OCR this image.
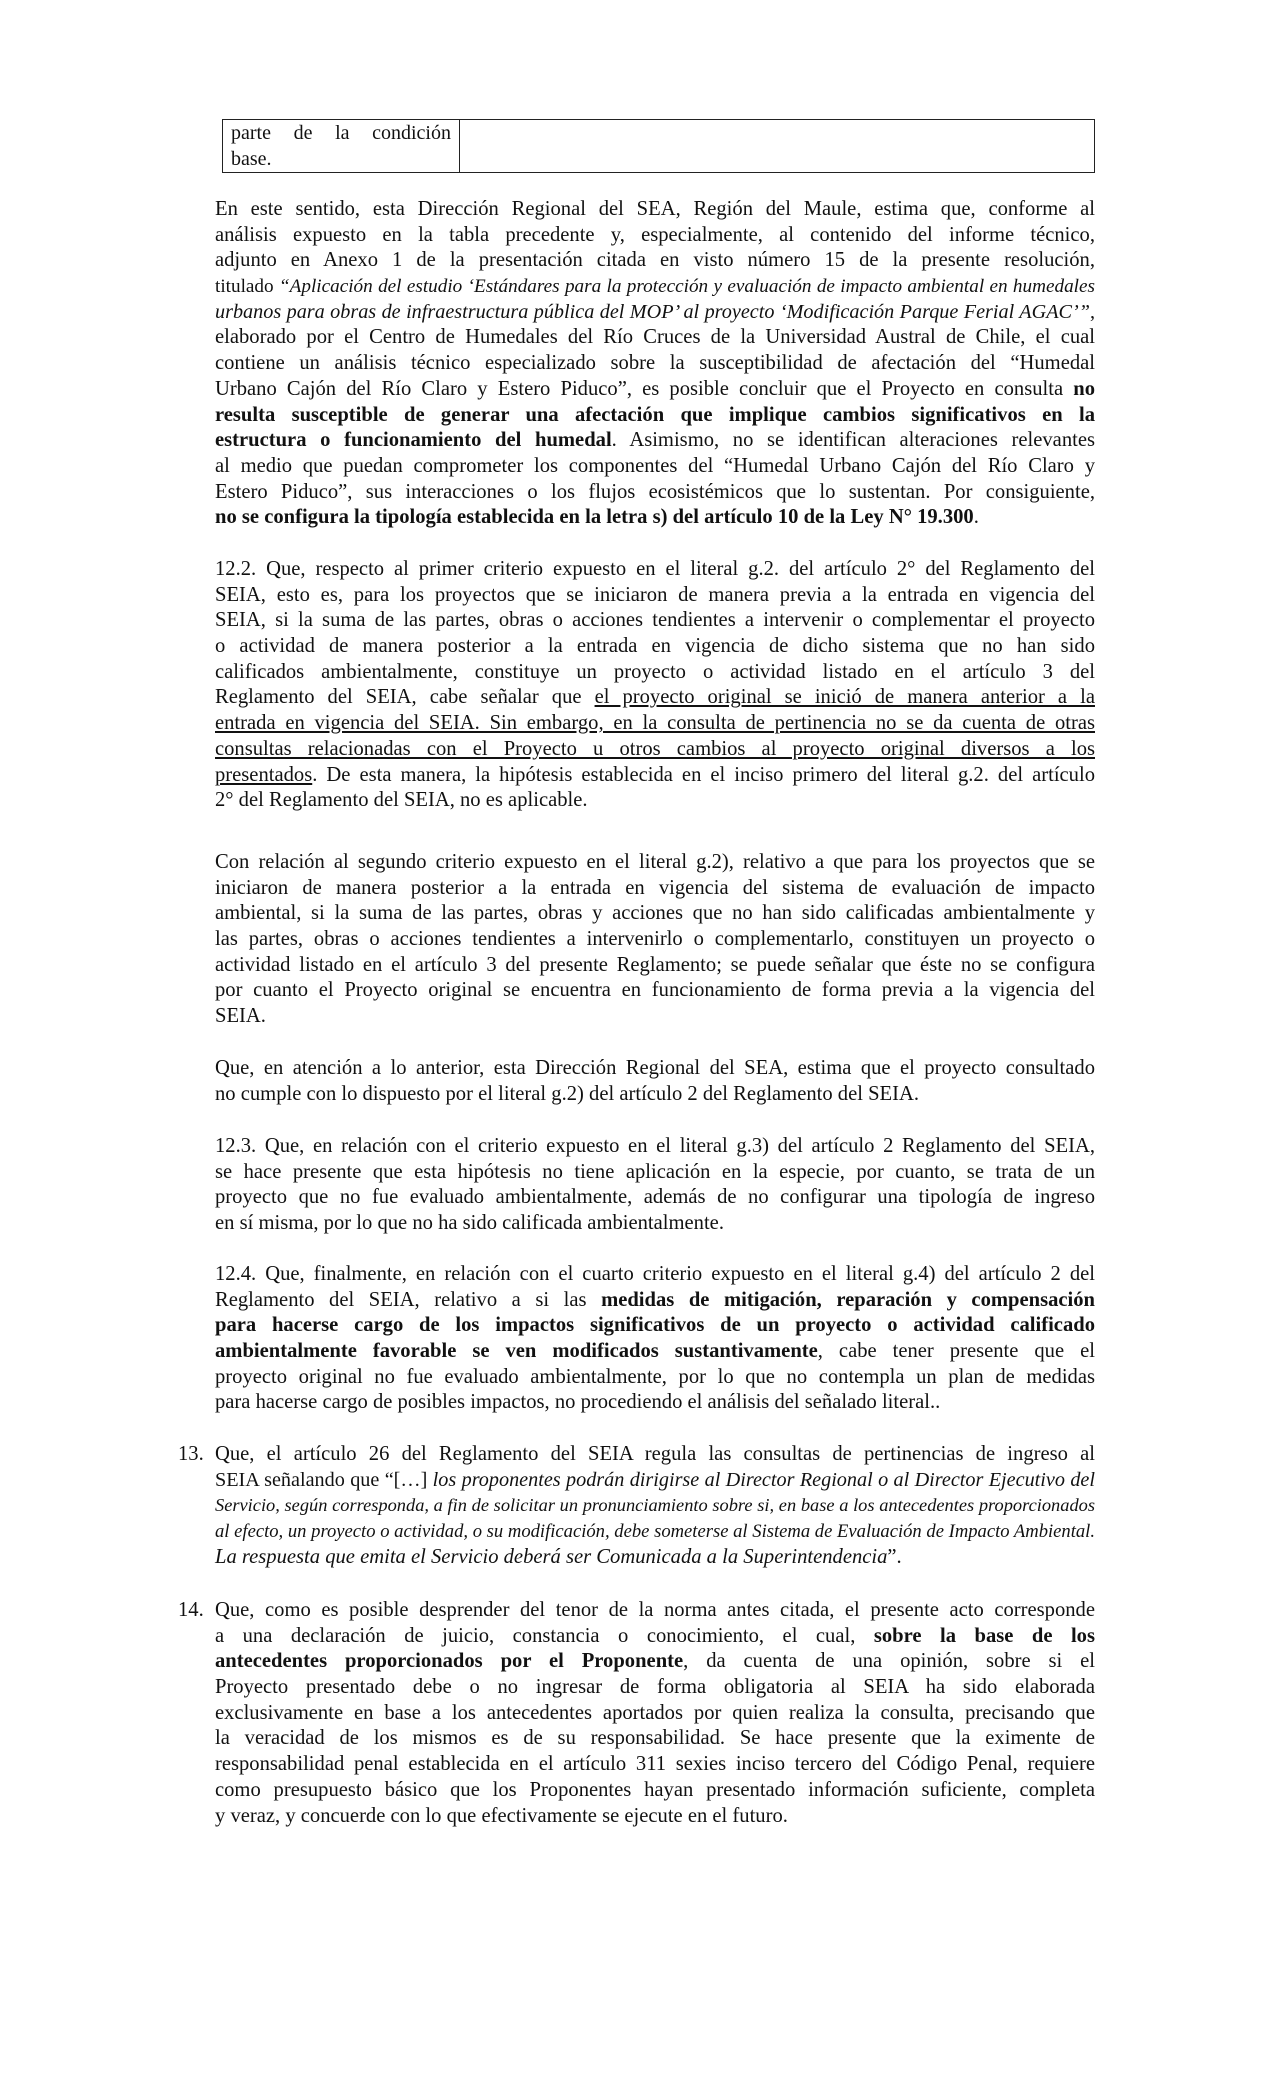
parte de la condición
base.

En este sentido, esta Dirección Regional del SEA, Región del Maule, estima que, conforme al
análisis expuesto en la tabla precedente y, especialmente, al contenido del informe técnico,
adjunto en Anexo 1 de la presentación citada en visto número 15 de la presente resolución,
titulado “Aplicación del estudio ‘Estándares para la protección y evaluación de impacto ambiental en humedales
urbanos para obras de infraestructura pública del MOP’ al proyecto ‘Modificación Parque Ferial AGAC’”,
elaborado por el Centro de Humedales del Río Cruces de la Universidad Austral de Chile, el cual
contiene un análisis técnico especializado sobre la susceptibilidad de afectación del “Humedal
Urbano Cajón del Río Claro y Estero Piduco”, es posible concluir que el Proyecto en consulta no
resulta susceptible de generar una afectación que implique cambios significativos en la
estructura o funcionamiento del humedal. Asimismo, no se identifican alteraciones relevantes
al medio que puedan comprometer los componentes del “Humedal Urbano Cajón del Río Claro y
Estero Piduco”, sus interacciones o los flujos ecosistémicos que lo sustentan. Por consiguiente,
no se configura la tipología establecida en la letra s) del artículo 10 de la Ley N° 19.300.
12.2. Que, respecto al primer criterio expuesto en el literal g.2. del artículo 2° del Reglamento del
SEIA, esto es, para los proyectos que se iniciaron de manera previa a la entrada en vigencia del
SEIA, si la suma de las partes, obras o acciones tendientes a intervenir o complementar el proyecto
o actividad de manera posterior a la entrada en vigencia de dicho sistema que no han sido
calificados ambientalmente, constituye un proyecto o actividad listado en el artículo 3 del
Reglamento del SEIA, cabe señalar que el proyecto original se inició de manera anterior a la
entrada en vigencia del SEIA. Sin embargo, en la consulta de pertinencia no se da cuenta de otras
consultas relacionadas con el Proyecto u otros cambios al proyecto original diversos a los
presentados. De esta manera, la hipótesis establecida en el inciso primero del literal g.2. del artículo
2° del Reglamento del SEIA, no es aplicable.
Con relación al segundo criterio expuesto en el literal g.2), relativo a que para los proyectos que se
iniciaron de manera posterior a la entrada en vigencia del sistema de evaluación de impacto
ambiental, si la suma de las partes, obras y acciones que no han sido calificadas ambientalmente y
las partes, obras o acciones tendientes a intervenirlo o complementarlo, constituyen un proyecto o
actividad listado en el artículo 3 del presente Reglamento; se puede señalar que éste no se configura
por cuanto el Proyecto original se encuentra en funcionamiento de forma previa a la vigencia del
SEIA.
Que, en atención a lo anterior, esta Dirección Regional del SEA, estima que el proyecto consultado
no cumple con lo dispuesto por el literal g.2) del artículo 2 del Reglamento del SEIA.
12.3. Que, en relación con el criterio expuesto en el literal g.3) del artículo 2 Reglamento del SEIA,
se hace presente que esta hipótesis no tiene aplicación en la especie, por cuanto, se trata de un
proyecto que no fue evaluado ambientalmente, además de no configurar una tipología de ingreso
en sí misma, por lo que no ha sido calificada ambientalmente.
12.4. Que, finalmente, en relación con el cuarto criterio expuesto en el literal g.4) del artículo 2 del
Reglamento del SEIA, relativo a si las medidas de mitigación, reparación y compensación
para hacerse cargo de los impactos significativos de un proyecto o actividad calificado
ambientalmente favorable se ven modificados sustantivamente, cabe tener presente que el
proyecto original no fue evaluado ambientalmente, por lo que no contempla un plan de medidas
para hacerse cargo de posibles impactos, no procediendo el análisis del señalado literal..
13. Que, el artículo 26 del Reglamento del SEIA regula las consultas de pertinencias de ingreso al
SEIA señalando que “[…] los proponentes podrán dirigirse al Director Regional o al Director Ejecutivo del
Servicio, según corresponda, a fin de solicitar un pronunciamiento sobre si, en base a los antecedentes proporcionados
al efecto, un proyecto o actividad, o su modificación, debe someterse al Sistema de Evaluación de Impacto Ambiental.
La respuesta que emita el Servicio deberá ser Comunicada a la Superintendencia”.
14. Que, como es posible desprender del tenor de la norma antes citada, el presente acto corresponde
a una declaración de juicio, constancia o conocimiento, el cual, sobre la base de los
antecedentes proporcionados por el Proponente, da cuenta de una opinión, sobre si el
Proyecto presentado debe o no ingresar de forma obligatoria al SEIA ha sido elaborada
exclusivamente en base a los antecedentes aportados por quien realiza la consulta, precisando que
la veracidad de los mismos es de su responsabilidad. Se hace presente que la eximente de
responsabilidad penal establecida en el artículo 311 sexies inciso tercero del Código Penal, requiere
como presupuesto básico que los Proponentes hayan presentado información suficiente, completa
y veraz, y concuerde con lo que efectivamente se ejecute en el futuro.
